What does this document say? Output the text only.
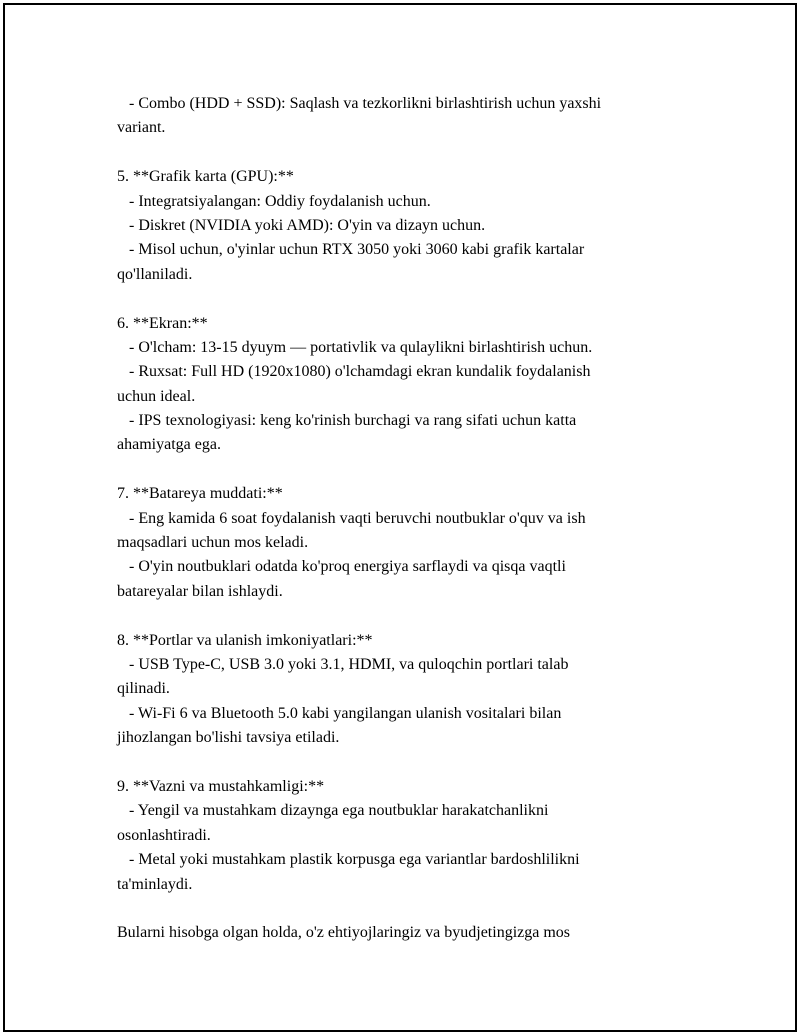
- Combo (HDD + SSD): Saqlash va tezkorlikni birlashtirish uchun yaxshi
variant.
5. **Grafik karta (GPU):**
- Integratsiyalangan: Oddiy foydalanish uchun.
- Diskret (NVIDIA yoki AMD): O'yin va dizayn uchun.
- Misol uchun, o'yinlar uchun RTX 3050 yoki 3060 kabi grafik kartalar
qo'llaniladi.
6. **Ekran:**
- O'lcham: 13-15 dyuym — portativlik va qulaylikni birlashtirish uchun.
- Ruxsat: Full HD (1920x1080) o'lchamdagi ekran kundalik foydalanish
uchun ideal.
- IPS texnologiyasi: keng ko'rinish burchagi va rang sifati uchun katta
ahamiyatga ega.
7. **Batareya muddati:**
- Eng kamida 6 soat foydalanish vaqti beruvchi noutbuklar o'quv va ish
maqsadlari uchun mos keladi.
- O'yin noutbuklari odatda ko'proq energiya sarflaydi va qisqa vaqtli
batareyalar bilan ishlaydi.
8. **Portlar va ulanish imkoniyatlari:**
- USB Type-C, USB 3.0 yoki 3.1, HDMI, va quloqchin portlari talab
qilinadi.
- Wi-Fi 6 va Bluetooth 5.0 kabi yangilangan ulanish vositalari bilan
jihozlangan bo'lishi tavsiya etiladi.
9. **Vazni va mustahkamligi:**
- Yengil va mustahkam dizaynga ega noutbuklar harakatchanlikni
osonlashtiradi.
- Metal yoki mustahkam plastik korpusga ega variantlar bardoshlilikni
ta'minlaydi.
Bularni hisobga olgan holda, o'z ehtiyojlaringiz va byudjetingizga mos
